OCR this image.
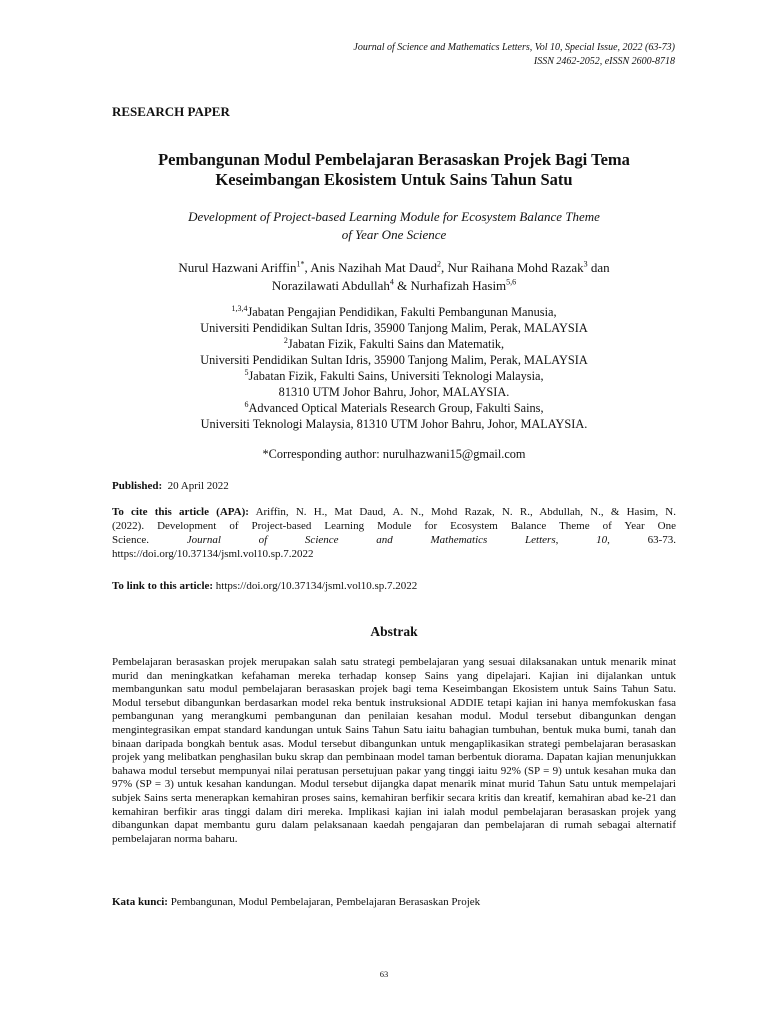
Journal of Science and Mathematics Letters, Vol 10, Special Issue, 2022 (63-73)
ISSN 2462-2052, eISSN 2600-8718
RESEARCH PAPER
Pembangunan Modul Pembelajaran Berasaskan Projek Bagi Tema
Keseimbangan Ekosistem Untuk Sains Tahun Satu
Development of Project-based Learning Module for Ecosystem Balance Theme
of Year One Science
Nurul Hazwani Ariffin$^{1*}$, Anis Nazihah Mat Daud$^2$, Nur Raihana Mohd Razak$^3$ dan
Norazilawati Abdullah$^4$ & Nurhafizah Hasim$^{5,6}$
$^{1,3,4}$Jabatan Pengajian Pendidikan, Fakulti Pembangunan Manusia,
Universiti Pendidikan Sultan Idris, 35900 Tanjong Malim, Perak, MALAYSIA
$^2$Jabatan Fizik, Fakulti Sains dan Matematik,
Universiti Pendidikan Sultan Idris, 35900 Tanjong Malim, Perak, MALAYSIA
$^5$Jabatan Fizik, Fakulti Sains, Universiti Teknologi Malaysia,
81310 UTM Johor Bahru, Johor, MALAYSIA.
$^6$Advanced Optical Materials Research Group, Fakulti Sains,
Universiti Teknologi Malaysia, 81310 UTM Johor Bahru, Johor, MALAYSIA.
*Corresponding author: nurulhazwani15@gmail.com
Published: 20 April 2022
To cite this article (APA): Ariffin, N. H., Mat Daud, A. N., Mohd Razak, N. R., Abdullah, N., & Hasim, N.
(2022). Development of Project-based Learning Module for Ecosystem Balance Theme of Year One
Science.	Journal of Science and Mathematics Letters, 10, 63-73.
https://doi.org/10.37134/jsml.vol10.sp.7.2022
To link to this article: https://doi.org/10.37134/jsml.vol10.sp.7.2022
Abstrak
Pembelajaran berasaskan projek merupakan salah satu strategi pembelajaran yang sesuai dilaksanakan untuk menarik minat murid dan meningkatkan kefahaman mereka terhadap konsep Sains yang dipelajari. Kajian ini dijalankan untuk membangunkan satu modul pembelajaran berasaskan projek bagi tema Keseimbangan Ekosistem untuk Sains Tahun Satu. Modul tersebut dibangunkan berdasarkan model reka bentuk instruksional ADDIE tetapi kajian ini hanya memfokuskan fasa pembangunan yang merangkumi pembangunan dan penilaian kesahan modul. Modul tersebut dibangunkan dengan mengintegrasikan empat standard kandungan untuk Sains Tahun Satu iaitu bahagian tumbuhan, bentuk muka bumi, tanah dan binaan daripada bongkah bentuk asas. Modul tersebut dibangunkan untuk mengaplikasikan strategi pembelajaran berasaskan projek yang melibatkan penghasilan buku skrap dan pembinaan model taman berbentuk diorama. Dapatan kajian menunjukkan bahawa modul tersebut mempunyai nilai peratusan persetujuan pakar yang tinggi iaitu 92% (SP = 9) untuk kesahan muka dan 97% (SP = 3) untuk kesahan kandungan. Modul tersebut dijangka dapat menarik minat murid Tahun Satu untuk mempelajari subjek Sains serta menerapkan kemahiran proses sains, kemahiran berfikir secara kritis dan kreatif, kemahiran abad ke-21 dan kemahiran berfikir aras tinggi dalam diri mereka. Implikasi kajian ini ialah modul pembelajaran berasaskan projek yang dibangunkan dapat membantu guru dalam pelaksanaan kaedah pengajaran dan pembelajaran di rumah sebagai alternatif pembelajaran norma baharu.
Kata kunci: Pembangunan, Modul Pembelajaran, Pembelajaran Berasaskan Projek
63
